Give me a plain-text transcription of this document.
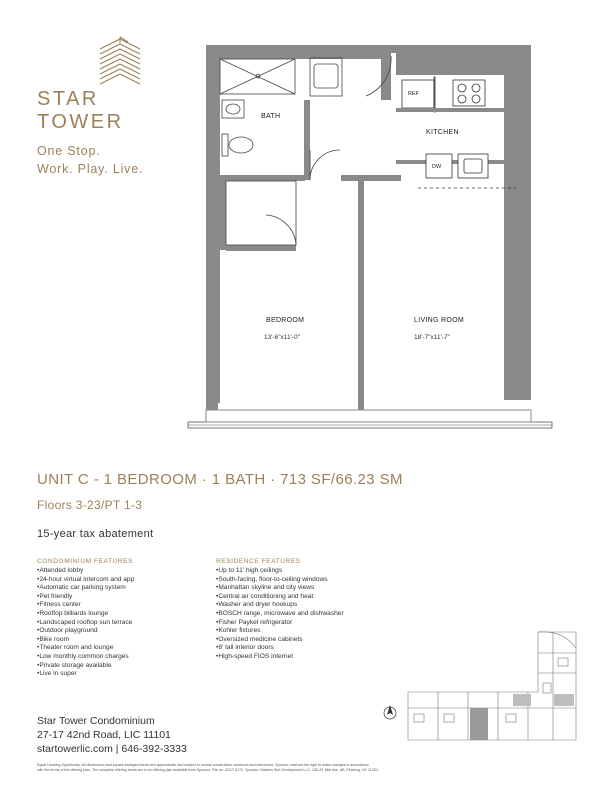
STAR
TOWER
One Stop.
Work. Play. Live.
BATH
KITCHEN
REF
DW
BEDROOM
13'-6"x11'-0"
LIVING ROOM
18'-7"x11'-7"
UNIT C - 1 BEDROOM · 1 BATH · 713 SF/66.23 SM
Floors 3-23/PT 1-3
15-year tax abatement
CONDOMINIUM FEATURES
• Attended lobby
• 24-hour virtual intercom and app
• Automatic car parking system
• Pet friendly
• Fitness center
• Rooftop billiards lounge
• Landscaped rooftop sun terrace
• Outdoor playground
• Bike room
• Theater room and lounge
• Low monthly common charges
• Private storage available
• Live in super
RESIDENCE FEATURES
• Up to 11' high ceilings
• South-facing, floor-to-ceiling windows
• Manhattan skyline and city views
• Central air conditioning and heat
• Washer and dryer hookups
• BOSCH range, microwave and dishwasher
• Fisher Paykel refrigerator
• Kohler fixtures
• Oversized medicine cabinets
• 8' tall interior doors
• High-speed FIOS internet
Star Tower Condominium
27-17 42nd Road, LIC 11101
startowerlic.com | 646-392-3333
Equal Housing Opportunity. All dimensions and square footages herein are approximate and subject to normal construction variances and tolerances. Sponsor reserves the right to make changes in accordance
with the terms of the offering plan. The complete offering terms are in an offering plan available from Sponsor. File no. CD17-0172. Sponsor: Eastern Sun Development LLC, 136-20 38th Ave, 6B, Flushing, NY 11354.
